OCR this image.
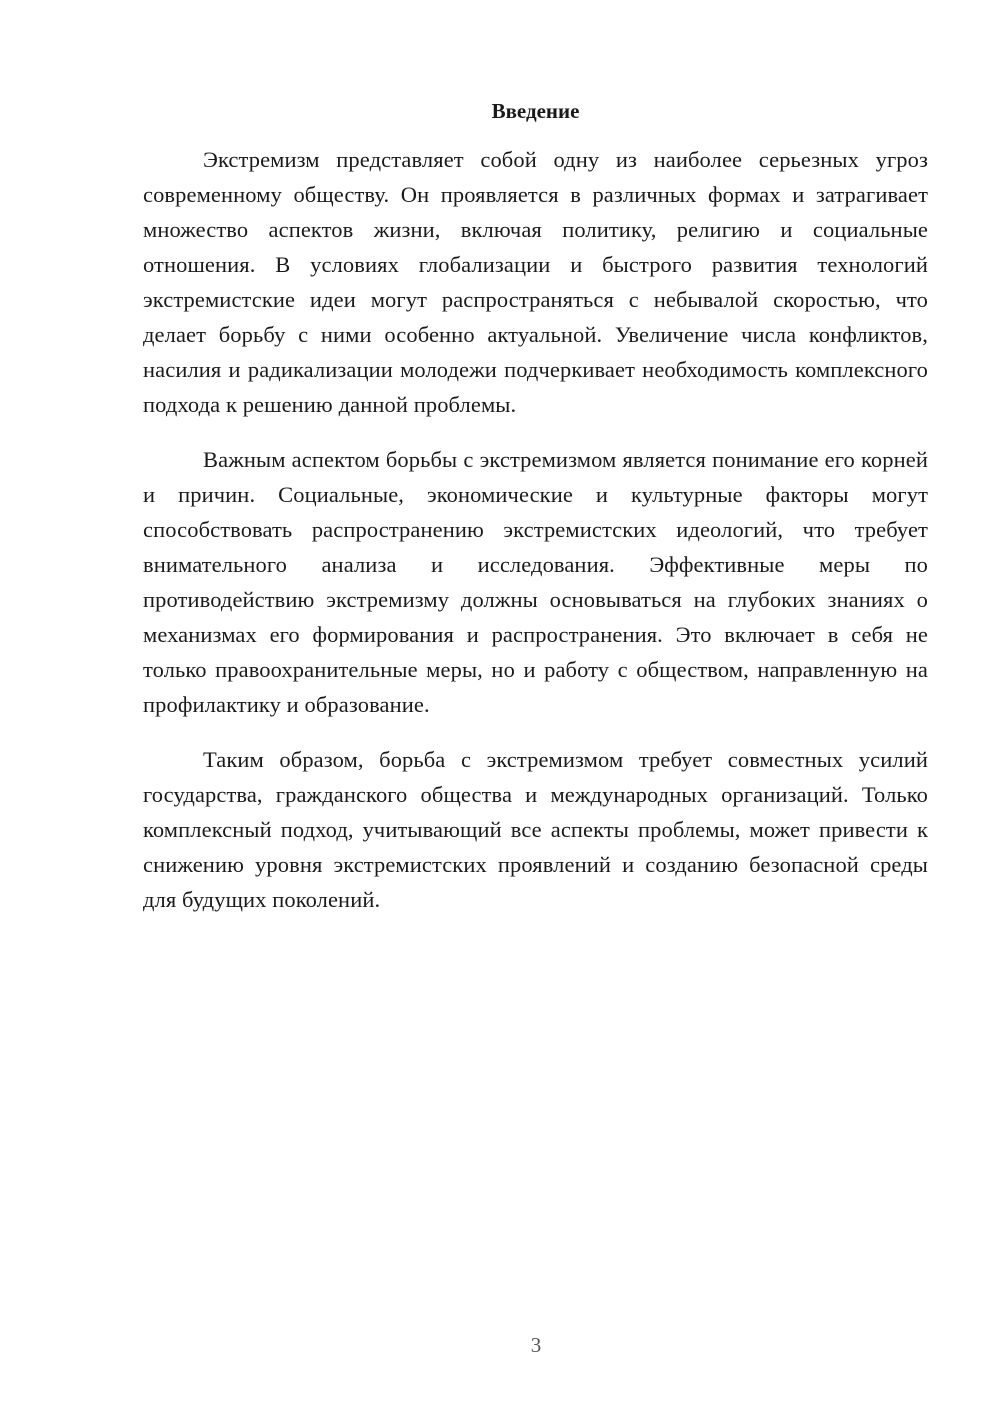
Введение

Экстремизм представляет собой одну из наиболее серьезных угроз современному обществу. Он проявляется в различных формах и затрагивает множество аспектов жизни, включая политику, религию и социальные отношения. В условиях глобализации и быстрого развития технологий экстремистские идеи могут распространяться с небывалой скоростью, что делает борьбу с ними особенно актуальной. Увеличение числа конфликтов, насилия и радикализации молодежи подчеркивает необходимость комплексного подхода к решению данной проблемы.

Важным аспектом борьбы с экстремизмом является понимание его корней и причин. Социальные, экономические и культурные факторы могут способствовать распространению экстремистских идеологий, что требует внимательного анализа и исследования. Эффективные меры по противодействию экстремизму должны основываться на глубоких знаниях о механизмах его формирования и распространения. Это включает в себя не только правоохранительные меры, но и работу с обществом, направленную на профилактику и образование.

Таким образом, борьба с экстремизмом требует совместных усилий государства, гражданского общества и международных организаций. Только комплексный подход, учитывающий все аспекты проблемы, может привести к снижению уровня экстремистских проявлений и созданию безопасной среды для будущих поколений.

3
